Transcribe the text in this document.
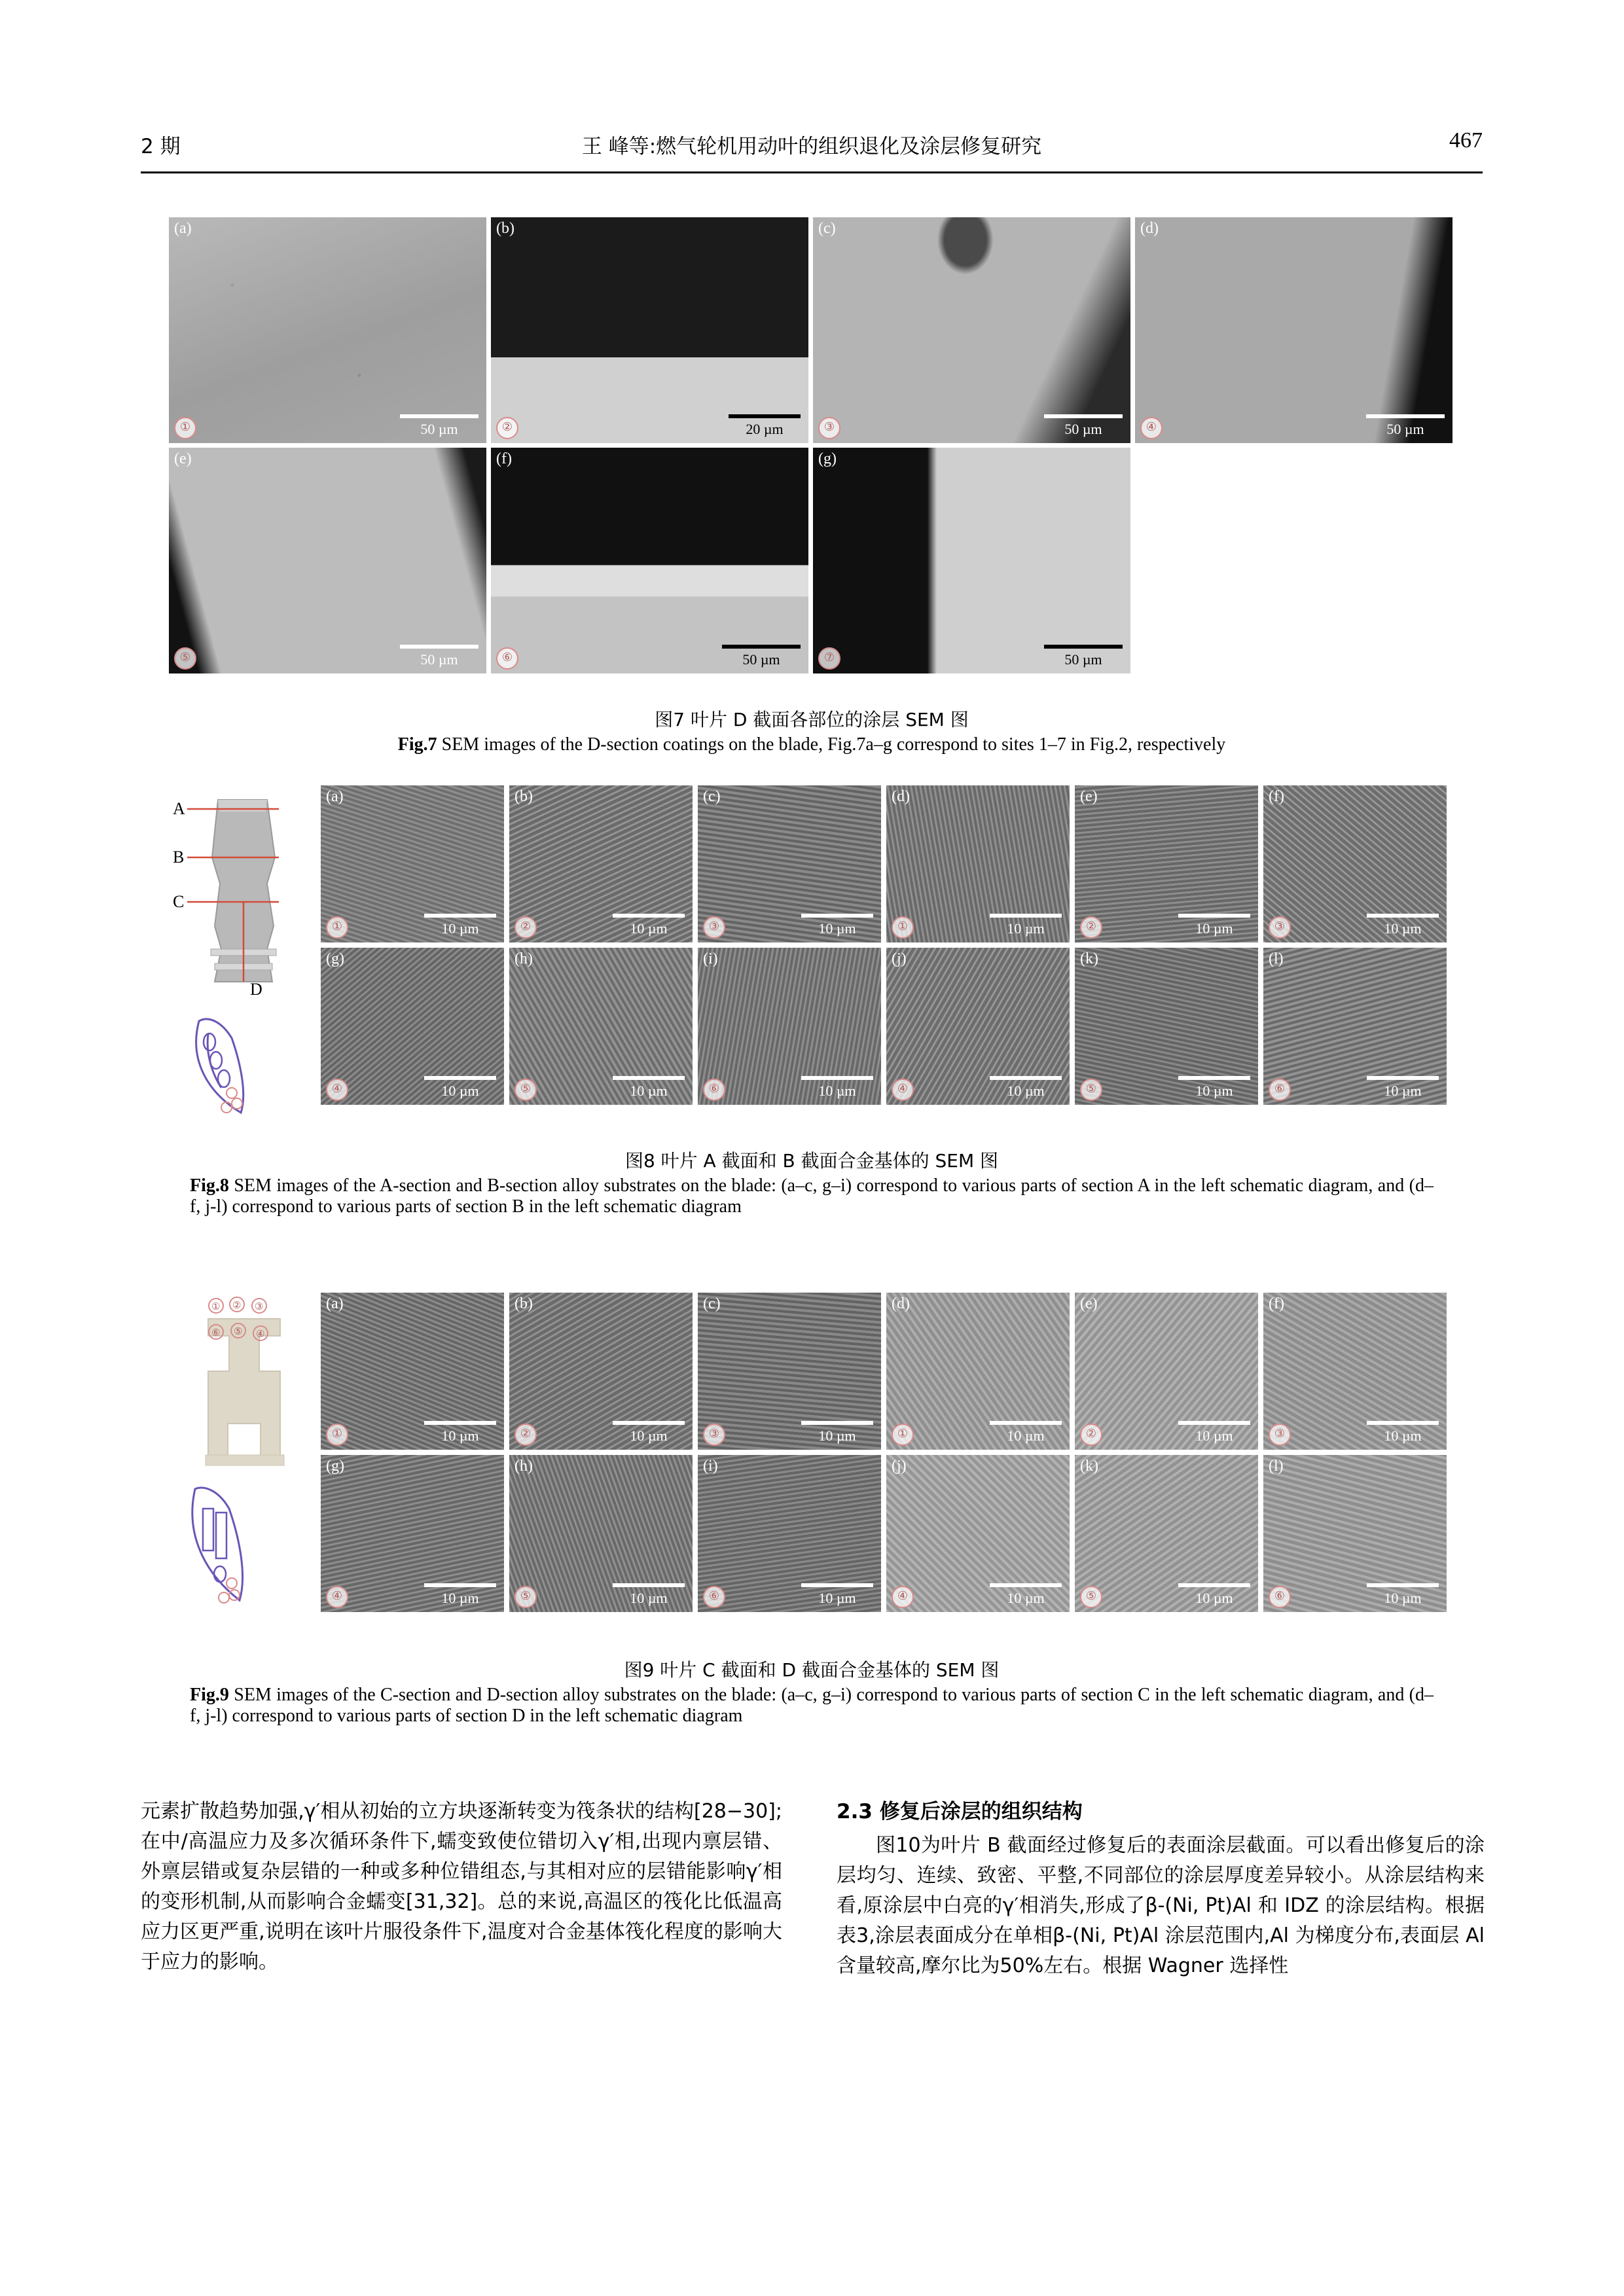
2 期	王 峰等:燃气轮机用动叶的组织退化及涂层修复研究	467
(a)
①	50 µm
(b)
②	20 µm
(c)
③	50 µm
(d)
④	50 µm
(e)
⑤	50 µm
(f)
⑥	50 µm
(g)
⑦	50 µm
图7 叶片 D 截面各部位的涂层 SEM 图
Fig.7 SEM images of the D-section coatings on the blade, Fig.7a–g correspond to sites 1–7 in Fig.2, respectively
A
B
C
D
(a)
①	10 µm
(b)
②	10 µm
(c)
③	10 µm
(d)
①	10 µm
(e)
②	10 µm
(f)
③	10 µm
(g)
④	10 µm
(h)
⑤	10 µm
(i)
⑥	10 µm
(j)
④	10 µm
(k)
⑤	10 µm
(l)
⑥	10 µm
图8 叶片 A 截面和 B 截面合金基体的 SEM 图
Fig.8 SEM images of the A-section and B-section alloy substrates on the blade: (a–c, g–i) correspond to various parts of section A in the left schematic diagram, and (d–f, j-l) correspond to various parts of section B in the left schematic diagram
① ② ③
⑥ ⑤ ④
(a)
①	10 µm
(b)
②	10 µm
(c)
③	10 µm
(d)
①	10 µm
(e)
②	10 µm
(f)
③	10 µm
(g)
④	10 µm
(h)
⑤	10 µm
(i)
⑥	10 µm
(j)
④	10 µm
(k)
⑤	10 µm
(l)
⑥	10 µm
图9 叶片 C 截面和 D 截面合金基体的 SEM 图
Fig.9 SEM images of the C-section and D-section alloy substrates on the blade: (a–c, g–i) correspond to various parts of section C in the left schematic diagram, and (d–f, j-l) correspond to various parts of section D in the left schematic diagram

元素扩散趋势加强,γ′相从初始的立方块逐渐转变为筏条状的结构[28−30];在中/高温应力及多次循环条件下,蠕变致使位错切入γ′相,出现内禀层错、外禀层错或复杂层错的一种或多种位错组态,与其相对应的层错能影响γ′相的变形机制,从而影响合金蠕变[31,32]。总的来说,高温区的筏化比低温高应力区更严重,说明在该叶片服役条件下,温度对合金基体筏化程度的影响大于应力的影响。

2.3 修复后涂层的组织结构

图10为叶片 B 截面经过修复后的表面涂层截面。可以看出修复后的涂层均匀、连续、致密、平整,不同部位的涂层厚度差异较小。从涂层结构来看,原涂层中白亮的γ′相消失,形成了β-(Ni, Pt)Al 和 IDZ 的涂层结构。根据表3,涂层表面成分在单相β-(Ni, Pt)Al 涂层范围内,Al 为梯度分布,表面层 Al 含量较高,摩尔比为50%左右。根据 Wagner 选择性
